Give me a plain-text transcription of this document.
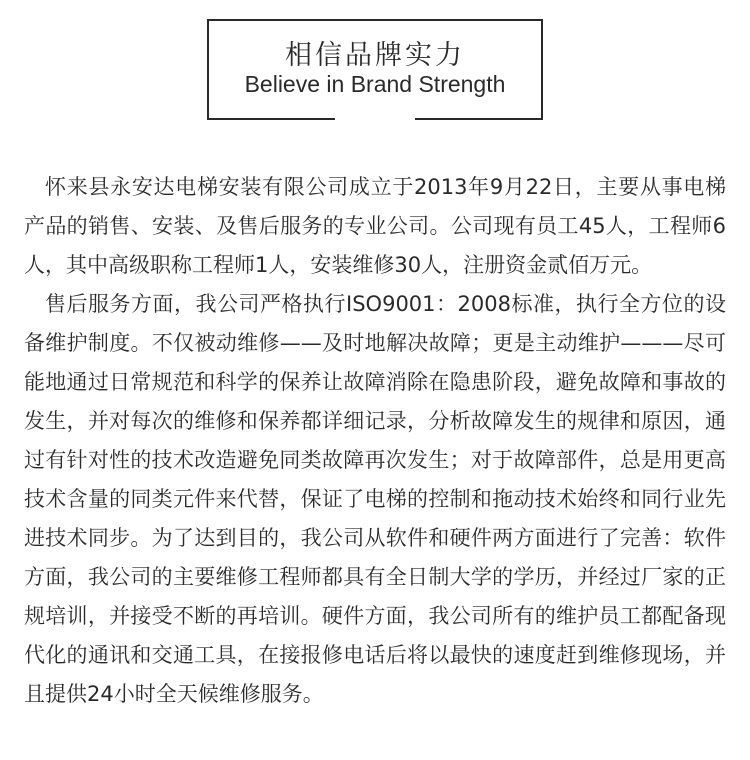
相信品牌实力
Believe in Brand Strength

怀来县永安达电梯安装有限公司成立于2013年9月22日，主要从事电梯产品的销售、安装、及售后服务的专业公司。公司现有员工45人，工程师6人，其中高级职称工程师1人，安装维修30人，注册资金贰佰万元。

售后服务方面，我公司严格执行ISO9001：2008标准，执行全方位的设备维护制度。不仅被动维修——及时地解决故障；更是主动维护———尽可能地通过日常规范和科学的保养让故障消除在隐患阶段，避免故障和事故的发生，并对每次的维修和保养都详细记录，分析故障发生的规律和原因，通过有针对性的技术改造避免同类故障再次发生；对于故障部件，总是用更高技术含量的同类元件来代替，保证了电梯的控制和拖动技术始终和同行业先进技术同步。为了达到目的，我公司从软件和硬件两方面进行了完善：软件方面，我公司的主要维修工程师都具有全日制大学的学历，并经过厂家的正规培训，并接受不断的再培训。硬件方面，我公司所有的维护员工都配备现代化的通讯和交通工具，在接报修电话后将以最快的速度赶到维修现场，并且提供24小时全天候维修服务。
